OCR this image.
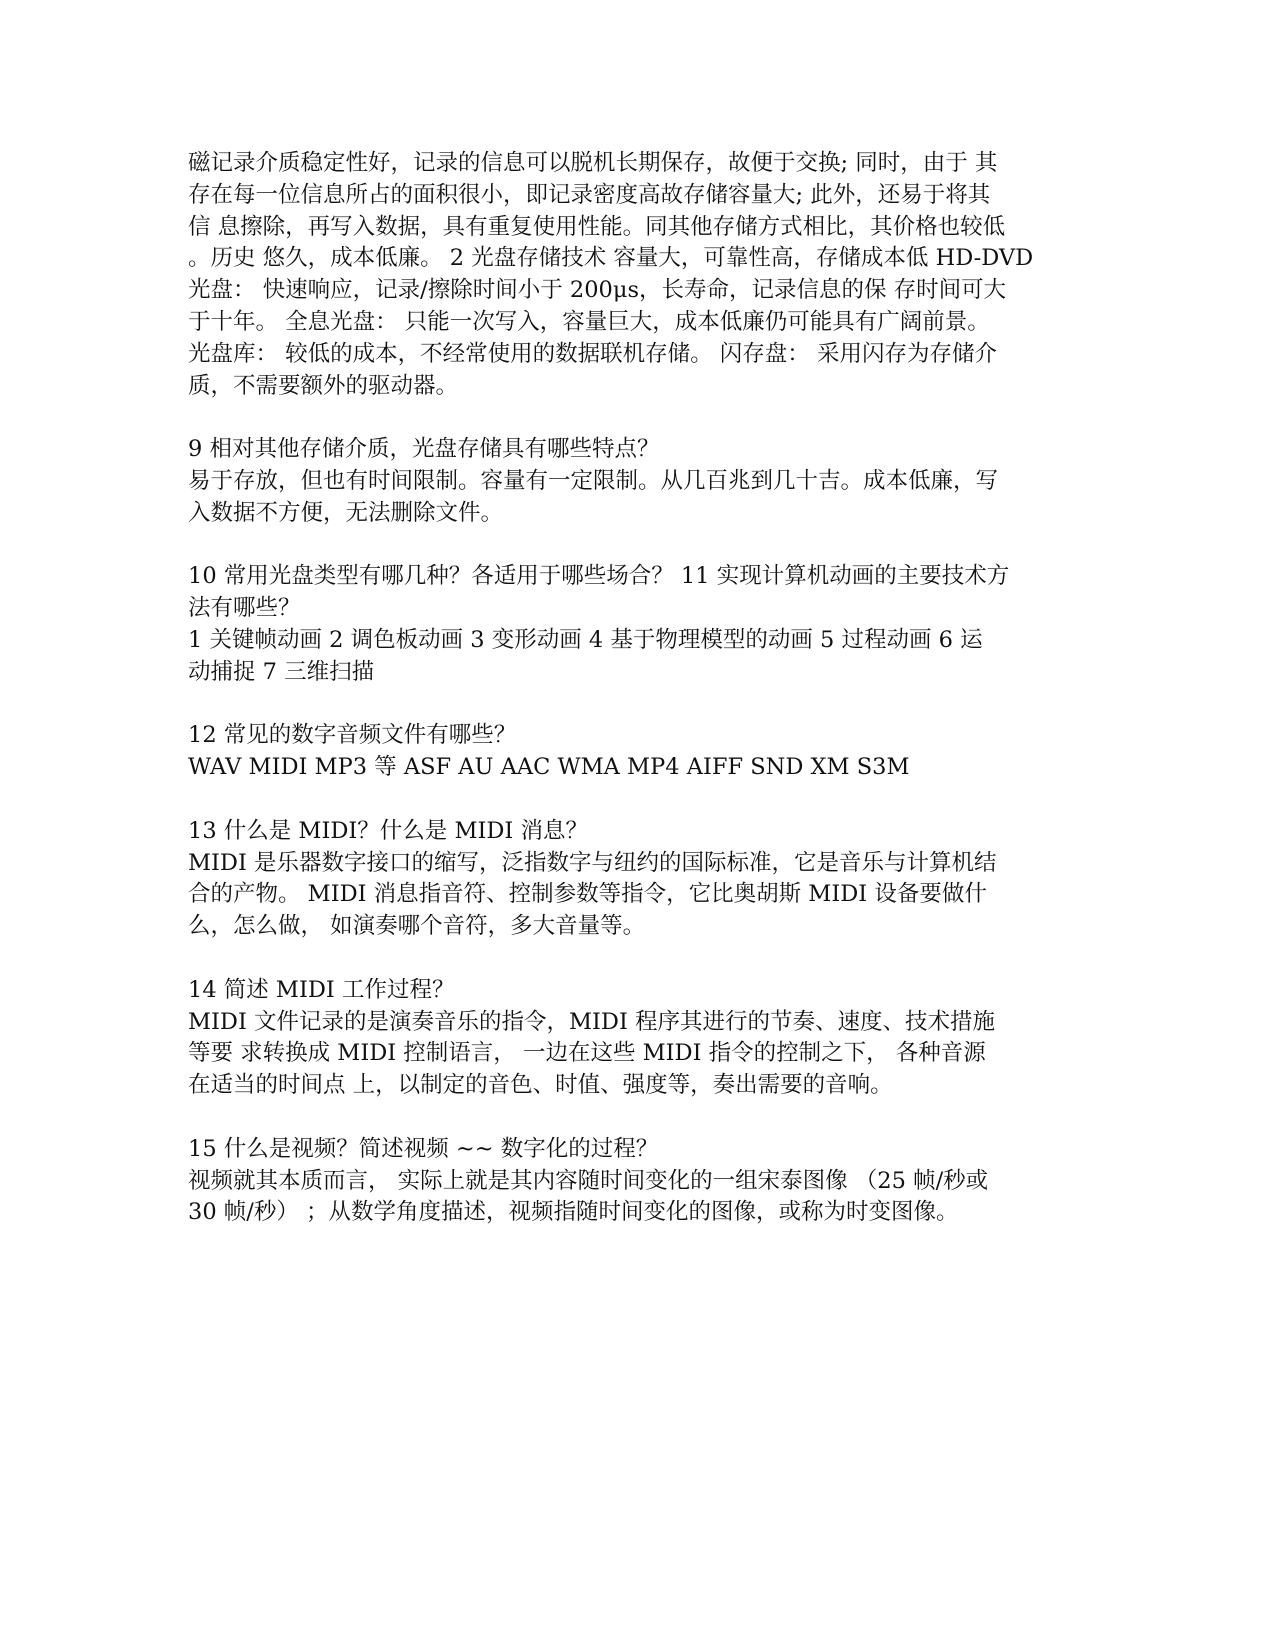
磁记录介质稳定性好，记录的信息可以脱机长期保存，故便于交换; 同时，由于 其
存在每一位信息所占的面积很小，即记录密度高故存储容量大; 此外，还易于将其
信 息擦除，再写入数据，具有重复使用性能。同其他存储方式相比，其价格也较低
。历史 悠久，成本低廉。 2 光盘存储技术 容量大，可靠性高，存储成本低 HD-DVD
光盘： 快速响应，记录/擦除时间小于 200μs，长寿命，记录信息的保 存时间可大
于十年。 全息光盘： 只能一次写入，容量巨大，成本低廉仍可能具有广阔前景。
光盘库： 较低的成本，不经常使用的数据联机存储。 闪存盘： 采用闪存为存储介
质，不需要额外的驱动器。
9 相对其他存储介质，光盘存储具有哪些特点？
易于存放，但也有时间限制。容量有一定限制。从几百兆到几十吉。成本低廉，写
入数据不方便，无法删除文件。
10 常用光盘类型有哪几种？各适用于哪些场合？ 11 实现计算机动画的主要技术方
法有哪些？
1 关键帧动画 2 调色板动画 3 变形动画 4 基于物理模型的动画 5 过程动画 6 运
动捕捉 7 三维扫描
12 常见的数字音频文件有哪些？
WAV MIDI MP3 等 ASF AU AAC WMA MP4 AIFF SND XM S3M
13 什么是 MIDI？什么是 MIDI 消息？
MIDI 是乐器数字接口的缩写，泛指数字与纽约的国际标准，它是音乐与计算机结
合的产物。 MIDI 消息指音符、控制参数等指令，它比奥胡斯 MIDI 设备要做什
么，怎么做， 如演奏哪个音符，多大音量等。
14 简述 MIDI 工作过程？
MIDI 文件记录的是演奏音乐的指令，MIDI 程序其进行的节奏、速度、技术措施
等要 求转换成 MIDI 控制语言， 一边在这些 MIDI 指令的控制之下， 各种音源
在适当的时间点 上，以制定的音色、时值、强度等，奏出需要的音响。
15 什么是视频？简述视频 ~~ 数字化的过程？
视频就其本质而言， 实际上就是其内容随时间变化的一组宋泰图像 （25 帧/秒或
30 帧/秒） ；从数学角度描述，视频指随时间变化的图像，或称为时变图像。
